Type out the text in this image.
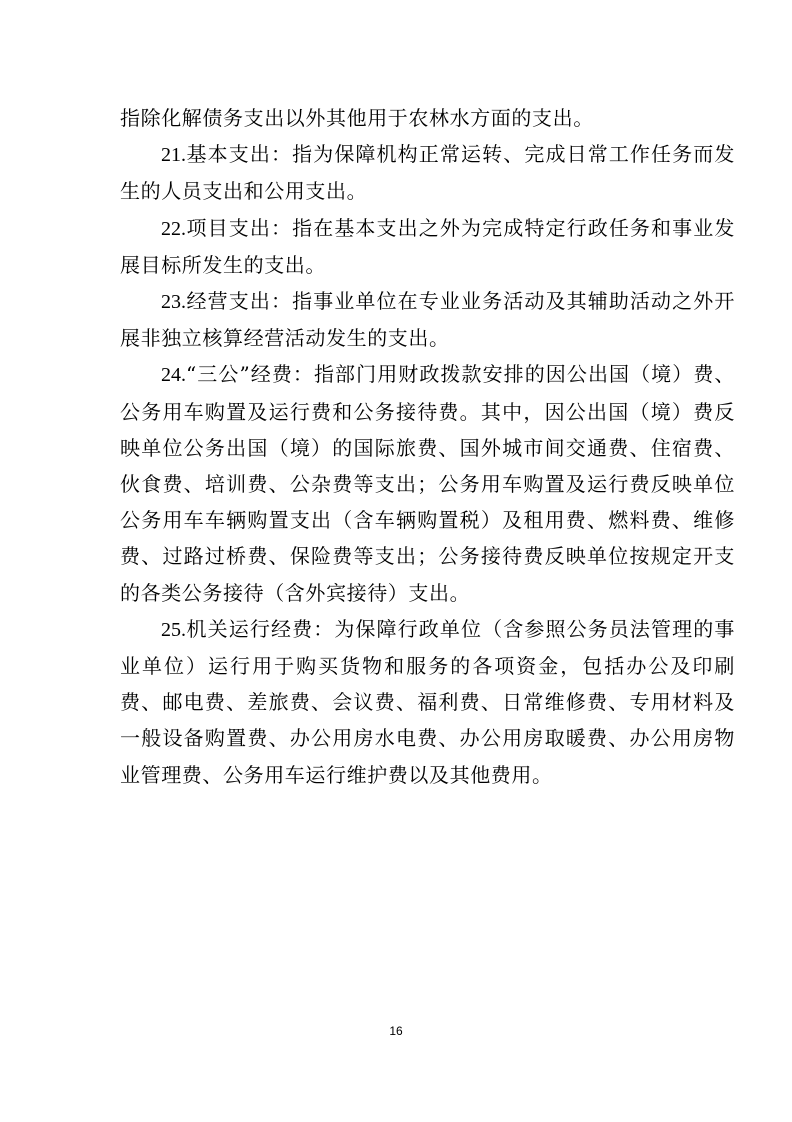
指除化解债务支出以外其他用于农林水方面的支出。

21.基本支出：指为保障机构正常运转、完成日常工作任务而发生的人员支出和公用支出。

22.项目支出：指在基本支出之外为完成特定行政任务和事业发展目标所发生的支出。

23.经营支出：指事业单位在专业业务活动及其辅助活动之外开展非独立核算经营活动发生的支出。

24.“三公”经费：指部门用财政拨款安排的因公出国（境）费、公务用车购置及运行费和公务接待费。其中，因公出国（境）费反映单位公务出国（境）的国际旅费、国外城市间交通费、住宿费、伙食费、培训费、公杂费等支出；公务用车购置及运行费反映单位公务用车车辆购置支出（含车辆购置税）及租用费、燃料费、维修费、过路过桥费、保险费等支出；公务接待费反映单位按规定开支的各类公务接待（含外宾接待）支出。

25.机关运行经费：为保障行政单位（含参照公务员法管理的事业单位）运行用于购买货物和服务的各项资金，包括办公及印刷费、邮电费、差旅费、会议费、福利费、日常维修费、专用材料及一般设备购置费、办公用房水电费、办公用房取暖费、办公用房物业管理费、公务用车运行维护费以及其他费用。

16
